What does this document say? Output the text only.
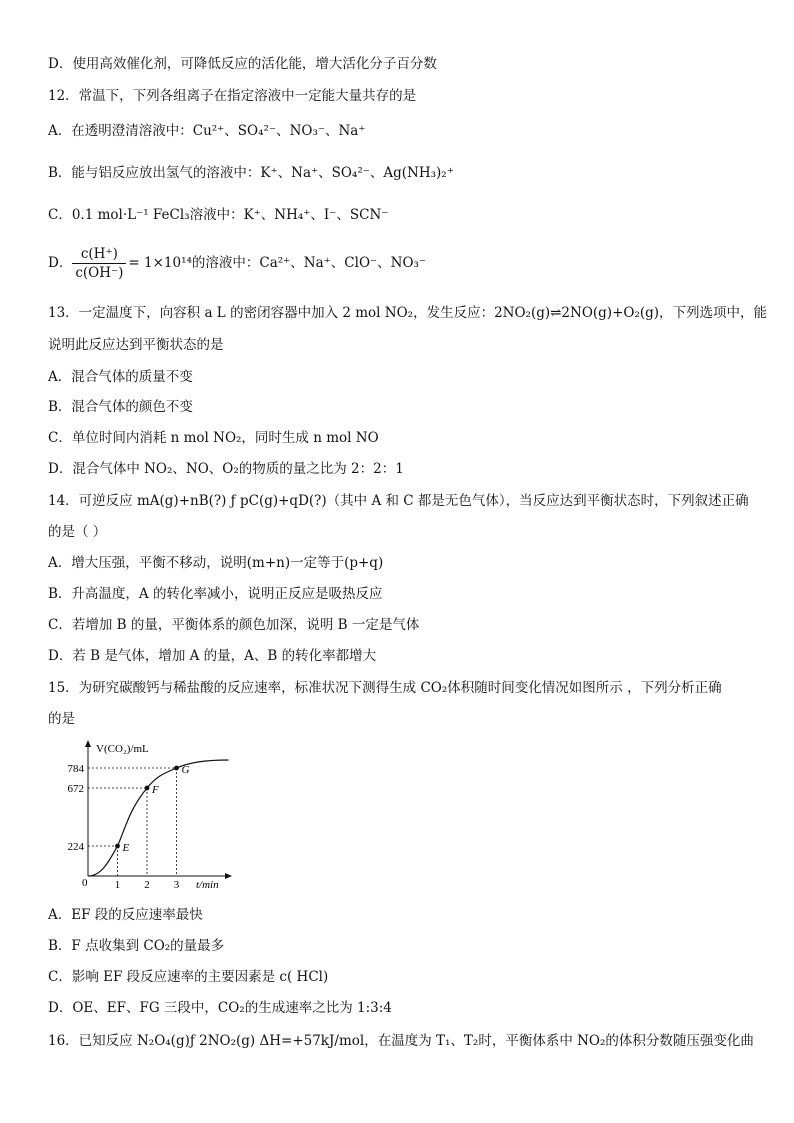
D．使用高效催化剂，可降低反应的活化能，增大活化分子百分数
12．常温下，下列各组离子在指定溶液中一定能大量共存的是
A．在透明澄清溶液中：Cu²⁺、SO₄²⁻、NO₃⁻、Na⁺
B．能与铝反应放出氢气的溶液中：K⁺、Na⁺、SO₄²⁻、Ag(NH₃)₂⁺
C．0.1 mol·L⁻¹ FeCl₃溶液中：K⁺、NH₄⁺、I⁻、SCN⁻
D． $\frac{c(H^+)}{c(OH^-)} = 1\times 10^{14}$的溶液中：Ca²⁺、Na⁺、ClO⁻、NO₃⁻
13．一定温度下，向容积 a L 的密闭容器中加入 2 mol NO₂，发生反应：2NO₂(g)⇌2NO(g)+O₂(g)，下列选项中，能
说明此反应达到平衡状态的是
A．混合气体的质量不变
B．混合气体的颜色不变
C．单位时间内消耗 n mol NO₂，同时生成 n mol NO
D．混合气体中 NO₂、NO、O₂的物质的量之比为 2：2：1
14．可逆反应 mA(g)+nB(?) ƒ pC(g)+qD(?)（其中 A 和 C 都是无色气体），当反应达到平衡状态时，下列叙述正确
的是（ ）
A．增大压强，平衡不移动，说明(m+n)一定等于(p+q)
B．升高温度，A 的转化率减小，说明正反应是吸热反应
C．若增加 B 的量，平衡体系的颜色加深，说明 B 一定是气体
D．若 B 是气体，增加 A 的量，A、B 的转化率都增大
15．为研究碳酸钙与稀盐酸的反应速率，标准状况下测得生成 CO₂体积随时间变化情况如图所示 ，下列分析正确
的是
V(CO₂)/mL
t/min
0
224
672
784
1 2 3
E
F
G
A．EF 段的反应速率最快
B．F 点收集到 CO₂的量最多
C．影响 EF 段反应速率的主要因素是 c( HCl)
D．OE、EF、FG 三段中，CO₂的生成速率之比为 1:3:4
16．已知反应 N₂O₄(g)ƒ 2NO₂(g) ΔH=+57kJ/mol，在温度为 T₁、T₂时，平衡体系中 NO₂的体积分数随压强变化曲
